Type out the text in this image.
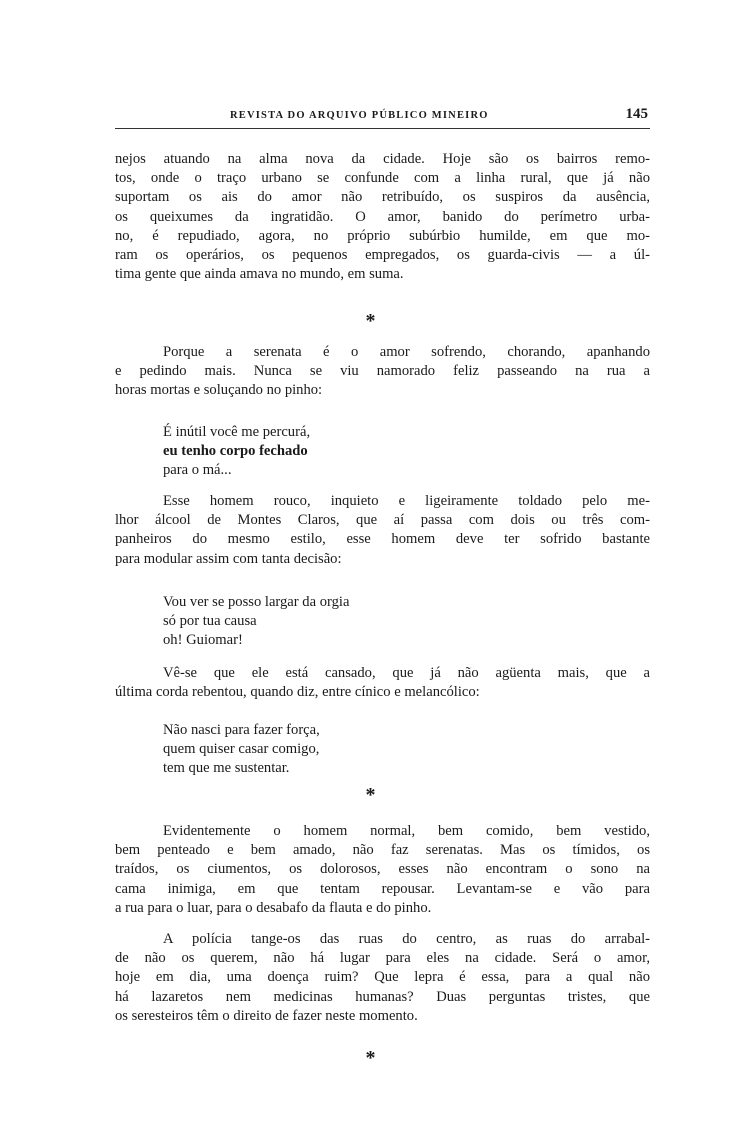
REVISTA DO ARQUIVO PÚBLICO MINEIRO	145
nejos atuando na alma nova da cidade. Hoje são os bairros remo-
tos, onde o traço urbano se confunde com a linha rural, que já não
suportam os ais do amor não retribuído, os suspiros da ausência,
os queixumes da ingratidão. O amor, banido do perímetro urba-
no, é repudiado, agora, no próprio subúrbio humilde, em que mo-
ram os operários, os pequenos empregados, os guarda-civis — a úl-
tima gente que ainda amava no mundo, em suma.
*
Porque a serenata é o amor sofrendo, chorando, apanhando
e pedindo mais. Nunca se viu namorado feliz passeando na rua a
horas mortas e soluçando no pinho:
É inútil você me percurá,
eu tenho corpo fechado
para o má...
Esse homem rouco, inquieto e ligeiramente toldado pelo me-
lhor álcool de Montes Claros, que aí passa com dois ou três com-
panheiros do mesmo estilo, esse homem deve ter sofrido bastante
para modular assim com tanta decisão:
Vou ver se posso largar da orgia
só por tua causa
oh! Guiomar!
Vê-se que ele está cansado, que já não agüenta mais, que a
última corda rebentou, quando diz, entre cínico e melancólico:
Não nasci para fazer força,
quem quiser casar comigo,
tem que me sustentar.
*
Evidentemente o homem normal, bem comido, bem vestido,
bem penteado e bem amado, não faz serenatas. Mas os tímidos, os
traídos, os ciumentos, os dolorosos, esses não encontram o sono na
cama inimiga, em que tentam repousar. Levantam-se e vão para
a rua para o luar, para o desabafo da flauta e do pinho.
A polícia tange-os das ruas do centro, as ruas do arrabal-
de não os querem, não há lugar para eles na cidade. Será o amor,
hoje em dia, uma doença ruim? Que lepra é essa, para a qual não
há lazaretos nem medicinas humanas? Duas perguntas tristes, que
os seresteiros têm o direito de fazer neste momento.
*
